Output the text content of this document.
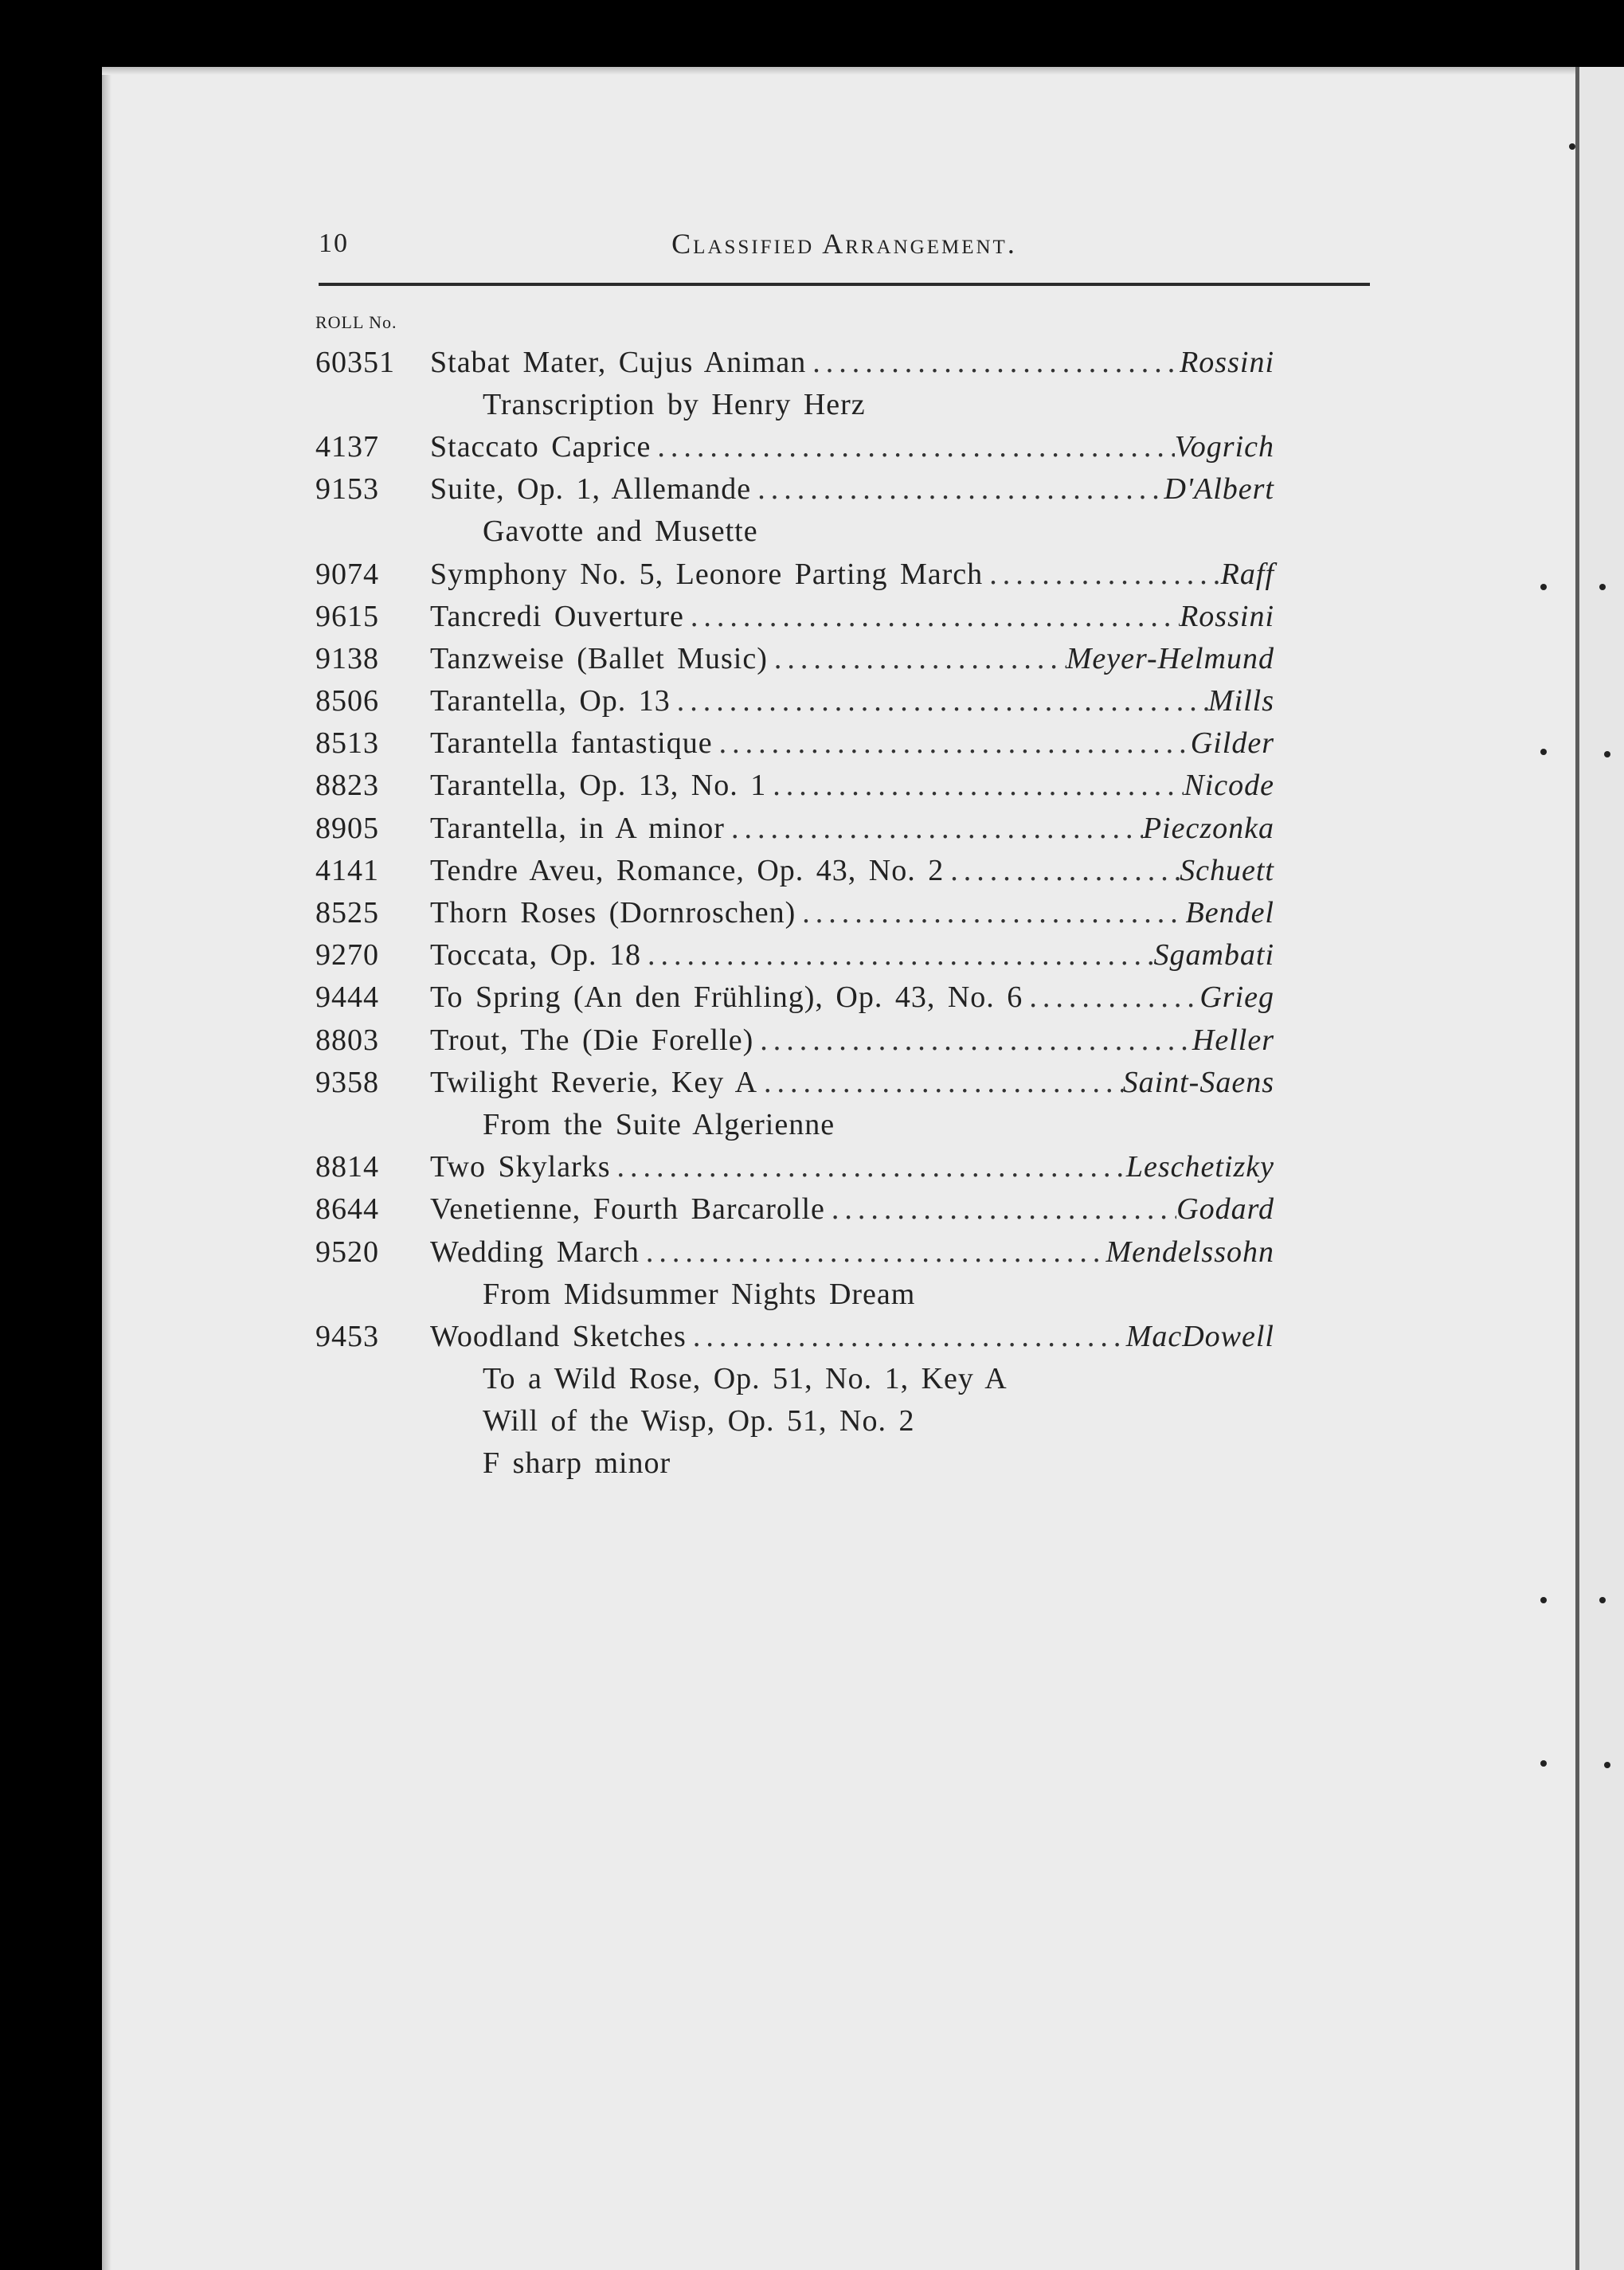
10	Classified Arrangement.
ROLL No.
60351	Stabat Mater, Cujus Animan .....	Rossini
Transcription by Henry Herz
4137	Staccato Caprice .....	Vogrich
9153	Suite, Op. 1, Allemande .....	D'Albert
Gavotte and Musette
9074	Symphony No. 5, Leonore Parting March .....	Raff
9615	Tancredi Ouverture .....	Rossini
9138	Tanzweise (Ballet Music) .....	Meyer-Helmund
8506	Tarantella, Op. 13 .....	Mills
8513	Tarantella fantastique .....	Gilder
8823	Tarantella, Op. 13, No. 1 .....	Nicode
8905	Tarantella, in A minor .....	Pieczonka
4141	Tendre Aveu, Romance, Op. 43, No. 2 .....	Schuett
8525	Thorn Roses (Dornroschen) .....	Bendel
9270	Toccata, Op. 18 .....	Sgambati
9444	To Spring (An den Frühling), Op. 43, No. 6 .....	Grieg
8803	Trout, The (Die Forelle) .....	Heller
9358	Twilight Reverie, Key A .....	Saint-Saens
From the Suite Algerienne
8814	Two Skylarks .....	Leschetizky
8644	Venetienne, Fourth Barcarolle .....	Godard
9520	Wedding March .....	Mendelssohn
From Midsummer Nights Dream
9453	Woodland Sketches .....	MacDowell
To a Wild Rose, Op. 51, No. 1, Key A
Will of the Wisp, Op. 51, No. 2
F sharp minor
